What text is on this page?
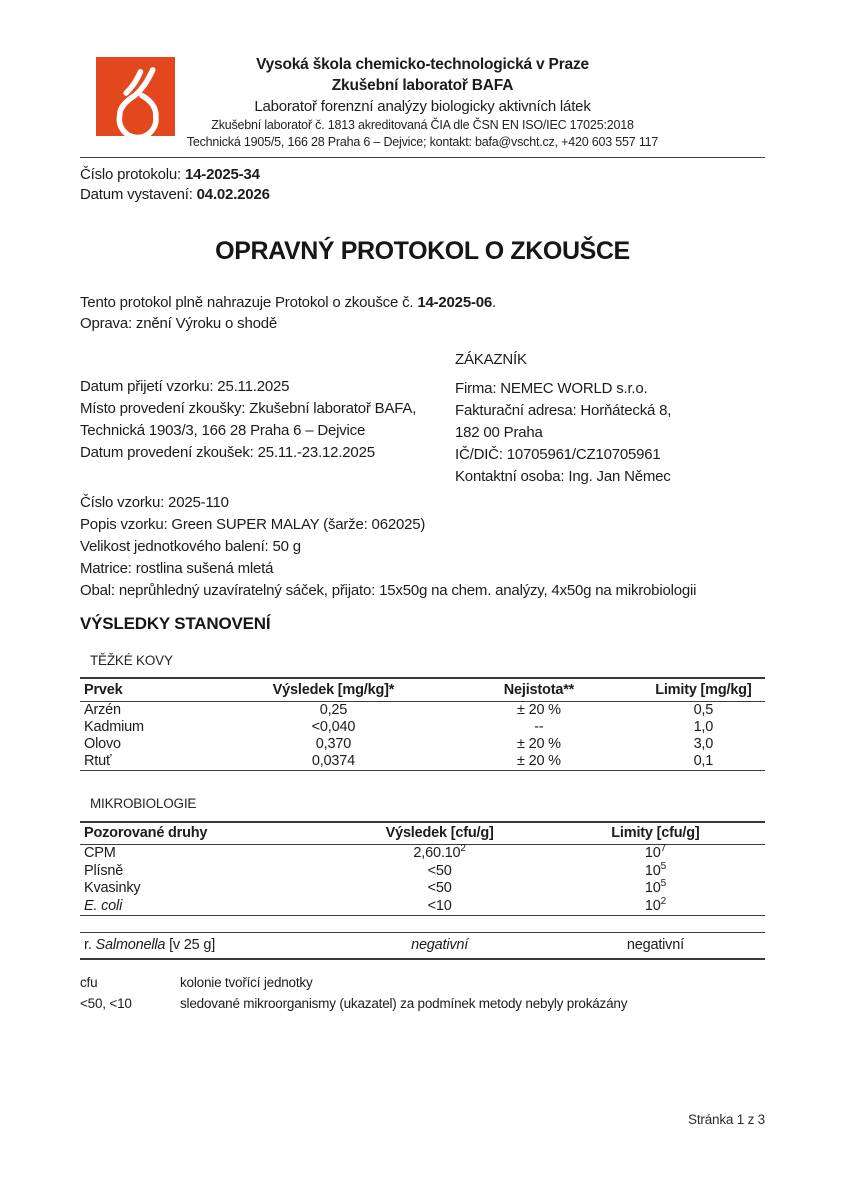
Vysoká škola chemicko-technologická v Praze
Zkušební laboratoř BAFA
Laboratoř forenzní analýzy biologicky aktivních látek
Zkušební laboratoř č. 1813 akreditovaná ČIA dle ČSN EN ISO/IEC 17025:2018
Technická 1905/5, 166 28 Praha 6 – Dejvice; kontakt: bafa@vscht.cz, +420 603 557 117
Číslo protokolu: 14-2025-34
Datum vystavení: 04.02.2026
OPRAVNÝ PROTOKOL O ZKOUŠCE
Tento protokol plně nahrazuje Protokol o zkoušce č. 14-2025-06.
Oprava: znění Výroku o shodě
Datum přijetí vzorku: 25.11.2025
Místo provedení zkoušky: Zkušební laboratoř BAFA,
Technická 1903/3, 166 28 Praha 6 – Dejvice
Datum provedení zkoušek: 25.11.-23.12.2025
ZÁKAZNÍK
Firma: NEMEC WORLD s.r.o.
Fakturační adresa: Horňátecká 8,
182 00 Praha
IČ/DIČ: 10705961/CZ10705961
Kontaktní osoba: Ing. Jan Němec
Číslo vzorku: 2025-110
Popis vzorku: Green SUPER MALAY (šarže: 062025)
Velikost jednotkového balení: 50 g
Matrice: rostlina sušená mletá
Obal: neprůhledný uzavíratelný sáček, přijato: 15x50g na chem. analýzy, 4x50g na mikrobiologii
VÝSLEDKY STANOVENÍ
TĚŽKÉ KOVY
Prvek	Výsledek [mg/kg]*	Nejistota**	Limity [mg/kg]
Arzén	0,25	± 20 %	0,5
Kadmium	<0,040	--	1,0
Olovo	0,370	± 20 %	3,0
Rtuť	0,0374	± 20 %	0,1
MIKROBIOLOGIE
Pozorované druhy	Výsledek [cfu/g]	Limity [cfu/g]
CPM	2,60.10$^2$	$10^7$
Plísně	<50	$10^5$
Kvasinky	<50	$10^5$
E. coli	<10	$10^2$
r. Salmonella [v 25 g]	negativní	negativní
cfu	kolonie tvořící jednotky
<50, <10	sledované mikroorganismy (ukazatel) za podmínek metody nebyly prokázány
Stránka 1 z 3
